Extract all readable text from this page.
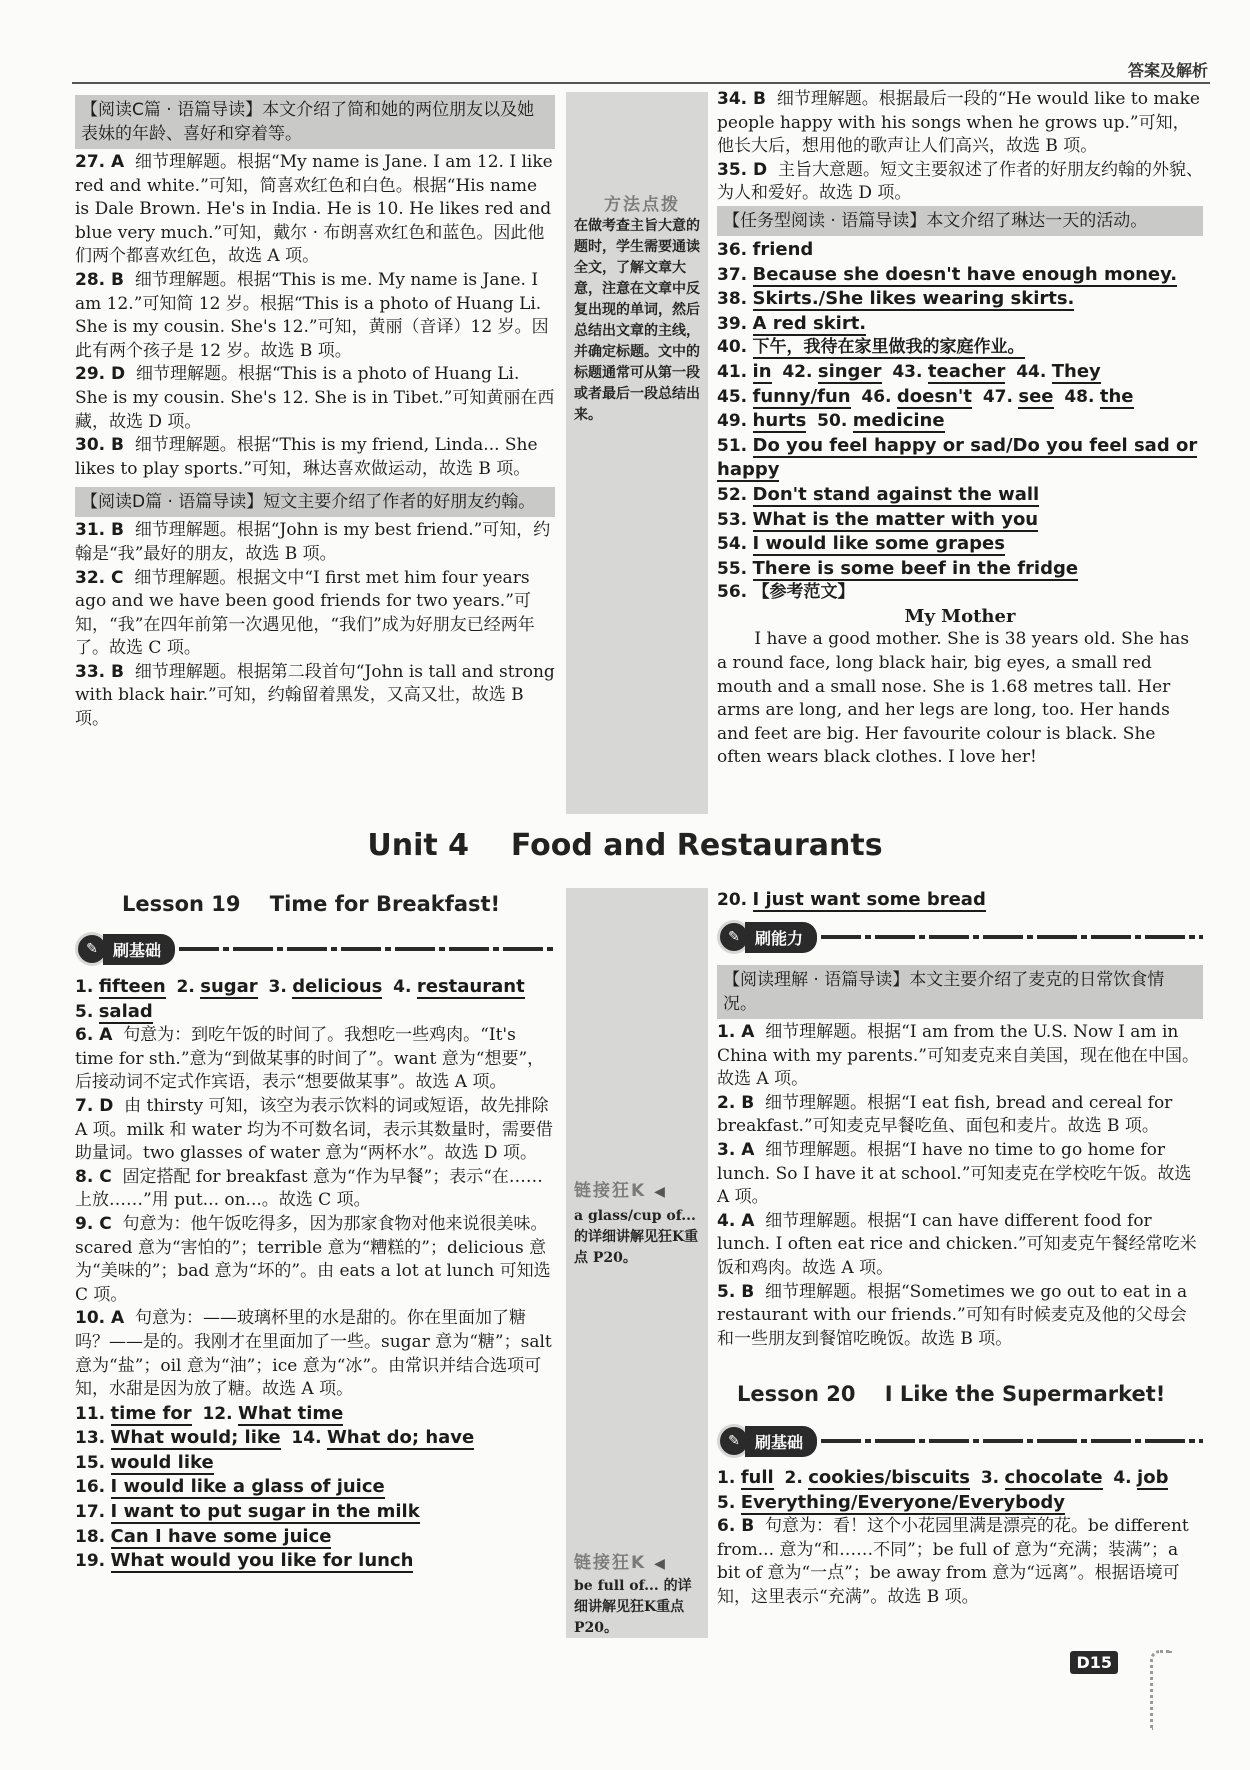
答案及解析
【阅读C篇 · 语篇导读】本文介绍了简和她的两位朋友以及她表妹的年龄、喜好和穿着等。

27. A 细节理解题。根据“My name is Jane. I am 12. I like red and white.”可知，简喜欢红色和白色。根据“His name is Dale Brown. He's in India. He is 10. He likes red and blue very much.”可知，戴尔 · 布朗喜欢红色和蓝色。因此他们两个都喜欢红色，故选 A 项。

28. B 细节理解题。根据“This is me. My name is Jane. I am 12.”可知简 12 岁。根据“This is a photo of Huang Li. She is my cousin. She's 12.”可知，黄丽（音译）12 岁。因此有两个孩子是 12 岁。故选 B 项。

29. D 细节理解题。根据“This is a photo of Huang Li. She is my cousin. She's 12. She is in Tibet.”可知黄丽在西藏，故选 D 项。

30. B 细节理解题。根据“This is my friend, Linda... She likes to play sports.”可知，琳达喜欢做运动，故选 B 项。

【阅读D篇 · 语篇导读】短文主要介绍了作者的好朋友约翰。

31. B 细节理解题。根据“John is my best friend.”可知，约翰是“我”最好的朋友，故选 B 项。

32. C 细节理解题。根据文中“I first met him four years ago and we have been good friends for two years.”可知，“我”在四年前第一次遇见他，“我们”成为好朋友已经两年了。故选 C 项。

33. B 细节理解题。根据第二段首句“John is tall and strong with black hair.”可知，约翰留着黑发，又高又壮，故选 B 项。

方法点拨
在做考查主旨大意的题时，学生需要通读全文，了解文章大意，注意在文章中反复出现的单词，然后总结出文章的主线，并确定标题。文中的标题通常可从第一段或者最后一段总结出来。

34. B 细节理解题。根据最后一段的“He would like to make people happy with his songs when he grows up.”可知，他长大后，想用他的歌声让人们高兴，故选 B 项。

35. D 主旨大意题。短文主要叙述了作者的好朋友约翰的外貌、为人和爱好。故选 D 项。

【任务型阅读 · 语篇导读】本文介绍了琳达一天的活动。

36. friend

37. Because she doesn't have enough money.

38. Skirts./She likes wearing skirts.

39. A red skirt.

40. 下午，我待在家里做我的家庭作业。

41. in 42. singer 43. teacher 44. They

45. funny/fun 46. doesn't 47. see 48. the

49. hurts 50. medicine

51. Do you feel happy or sad/Do you feel sad or happy

52. Don't stand against the wall

53. What is the matter with you

54. I would like some grapes

55. There is some beef in the fridge

56. 【参考范文】

My Mother

I have a good mother. She is 38 years old. She has a round face, long black hair, big eyes, a small red mouth and a small nose. She is 1.68 metres tall. Her arms are long, and her legs are long, too. Her hands and feet are big. Her favourite colour is black. She often wears black clothes. I love her!

Unit 4    Food and Restaurants
Lesson 19    Time for Breakfast!
✎ 刷基础

1. fifteen 2. sugar 3. delicious 4. restaurant

5. salad

6. A 句意为：到吃午饭的时间了。我想吃一些鸡肉。“It's time for sth.”意为“到做某事的时间了”。want 意为“想要”，后接动词不定式作宾语，表示“想要做某事”。故选 A 项。

7. D 由 thirsty 可知，该空为表示饮料的词或短语，故先排除 A 项。milk 和 water 均为不可数名词，表示其数量时，需要借助量词。two glasses of water 意为“两杯水”。故选 D 项。

8. C 固定搭配 for breakfast 意为“作为早餐”；表示“在……上放……”用 put... on...。故选 C 项。

9. C 句意为：他午饭吃得多，因为那家食物对他来说很美味。scared 意为“害怕的”；terrible 意为“糟糕的”；delicious 意为“美味的”；bad 意为“坏的”。由 eats a lot at lunch 可知选 C 项。

10. A 句意为：——玻璃杯里的水是甜的。你在里面加了糖吗？——是的。我刚才在里面加了一些。sugar 意为“糖”；salt 意为“盐”；oil 意为“油”；ice 意为“冰”。由常识并结合选项可知，水甜是因为放了糖。故选 A 项。

11. time for 12. What time

13. What would; like 14. What do; have

15. would like

16. I would like a glass of juice

17. I want to put sugar in the milk

18. Can I have some juice

19. What would you like for lunch

链接狂K ◀
a glass/cup of... 的详细讲解见狂K重点 P20。
链接狂K ◀
be full of... 的详细讲解见狂K重点 P20。

20. I just want some bread

✎ 刷能力
【阅读理解 · 语篇导读】本文主要介绍了麦克的日常饮食情况。

1. A 细节理解题。根据“I am from the U.S. Now I am in China with my parents.”可知麦克来自美国，现在他在中国。故选 A 项。

2. B 细节理解题。根据“I eat fish, bread and cereal for breakfast.”可知麦克早餐吃鱼、面包和麦片。故选 B 项。

3. A 细节理解题。根据“I have no time to go home for lunch. So I have it at school.”可知麦克在学校吃午饭。故选 A 项。

4. A 细节理解题。根据“I can have different food for lunch. I often eat rice and chicken.”可知麦克午餐经常吃米饭和鸡肉。故选 A 项。

5. B 细节理解题。根据“Sometimes we go out to eat in a restaurant with our friends.”可知有时候麦克及他的父母会和一些朋友到餐馆吃晚饭。故选 B 项。

Lesson 20    I Like the Supermarket!
✎ 刷基础

1. full 2. cookies/biscuits 3. chocolate 4. job

5. Everything/Everyone/Everybody

6. B 句意为：看！这个小花园里满是漂亮的花。be different from... 意为“和……不同”；be full of 意为“充满；装满”；a bit of 意为“一点”；be away from 意为“远离”。根据语境可知，这里表示“充满”。故选 B 项。

D15
